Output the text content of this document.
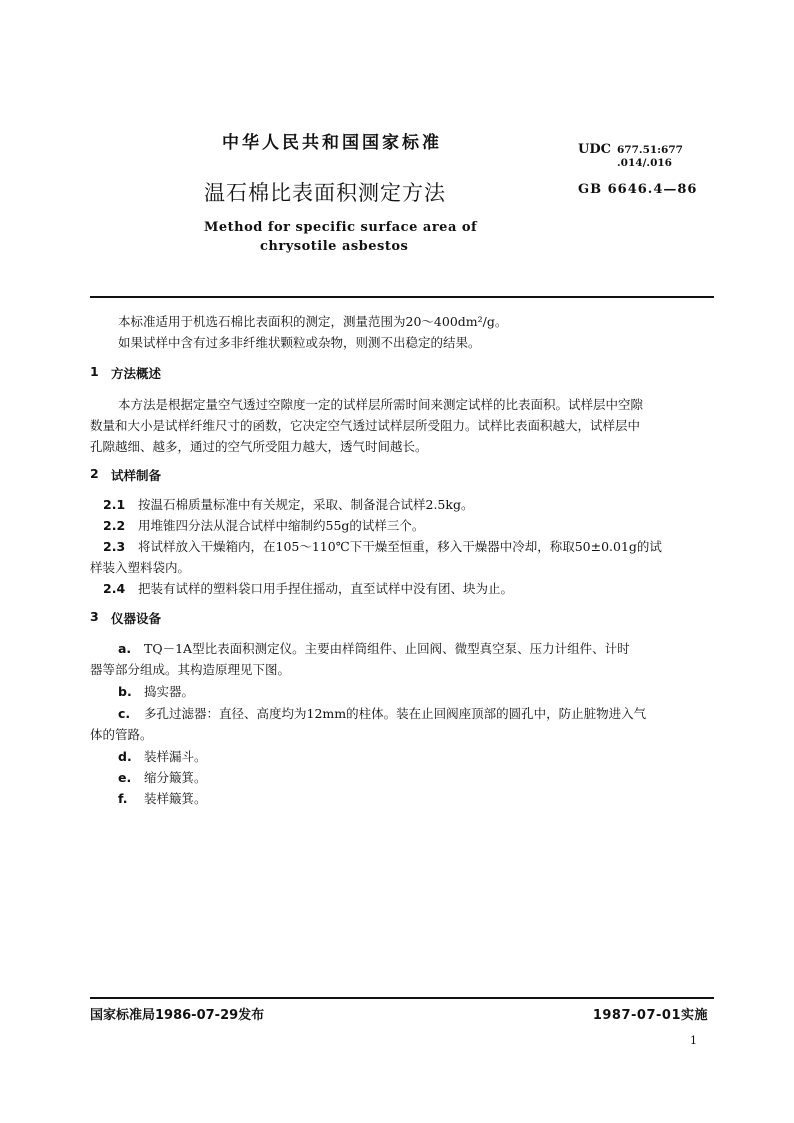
中华人民共和国国家标准	UDC 677.51:677
.014/.016
温石棉比表面积测定方法	GB 6646.4—86
Method for specific surface area of
chrysotile asbestos
本标准适用于机选石棉比表面积的测定，测量范围为20～400dm²/g。
如果试样中含有过多非纤维状颗粒或杂物，则测不出稳定的结果。
1 方法概述
本方法是根据定量空气透过空隙度一定的试样层所需时间来测定试样的比表面积。试样层中空隙
数量和大小是试样纤维尺寸的函数，它决定空气透过试样层所受阻力。试样比表面积越大，试样层中
孔隙越细、越多，通过的空气所受阻力越大，透气时间越长。
2 试样制备
2.1 按温石棉质量标准中有关规定，采取、制备混合试样2.5kg。
2.2 用堆锥四分法从混合试样中缩制约55g的试样三个。
2.3 将试样放入干燥箱内，在105～110℃下干燥至恒重，移入干燥器中冷却，称取50±0.01g的试
样装入塑料袋内。
2.4 把装有试样的塑料袋口用手捏住摇动，直至试样中没有团、块为止。
3 仪器设备
a. TQ－1A型比表面积测定仪。主要由样筒组件、止回阀、微型真空泵、压力计组件、计时
器等部分组成。其构造原理见下图。
b. 捣实器。
c. 多孔过滤器：直径、高度均为12mm的柱体。装在止回阀座顶部的圆孔中，防止脏物进入气
体的管路。
d. 装样漏斗。
e. 缩分簸箕。
f. 装样簸箕。
国家标准局1986-07-29发布	1987-07-01实施
1
